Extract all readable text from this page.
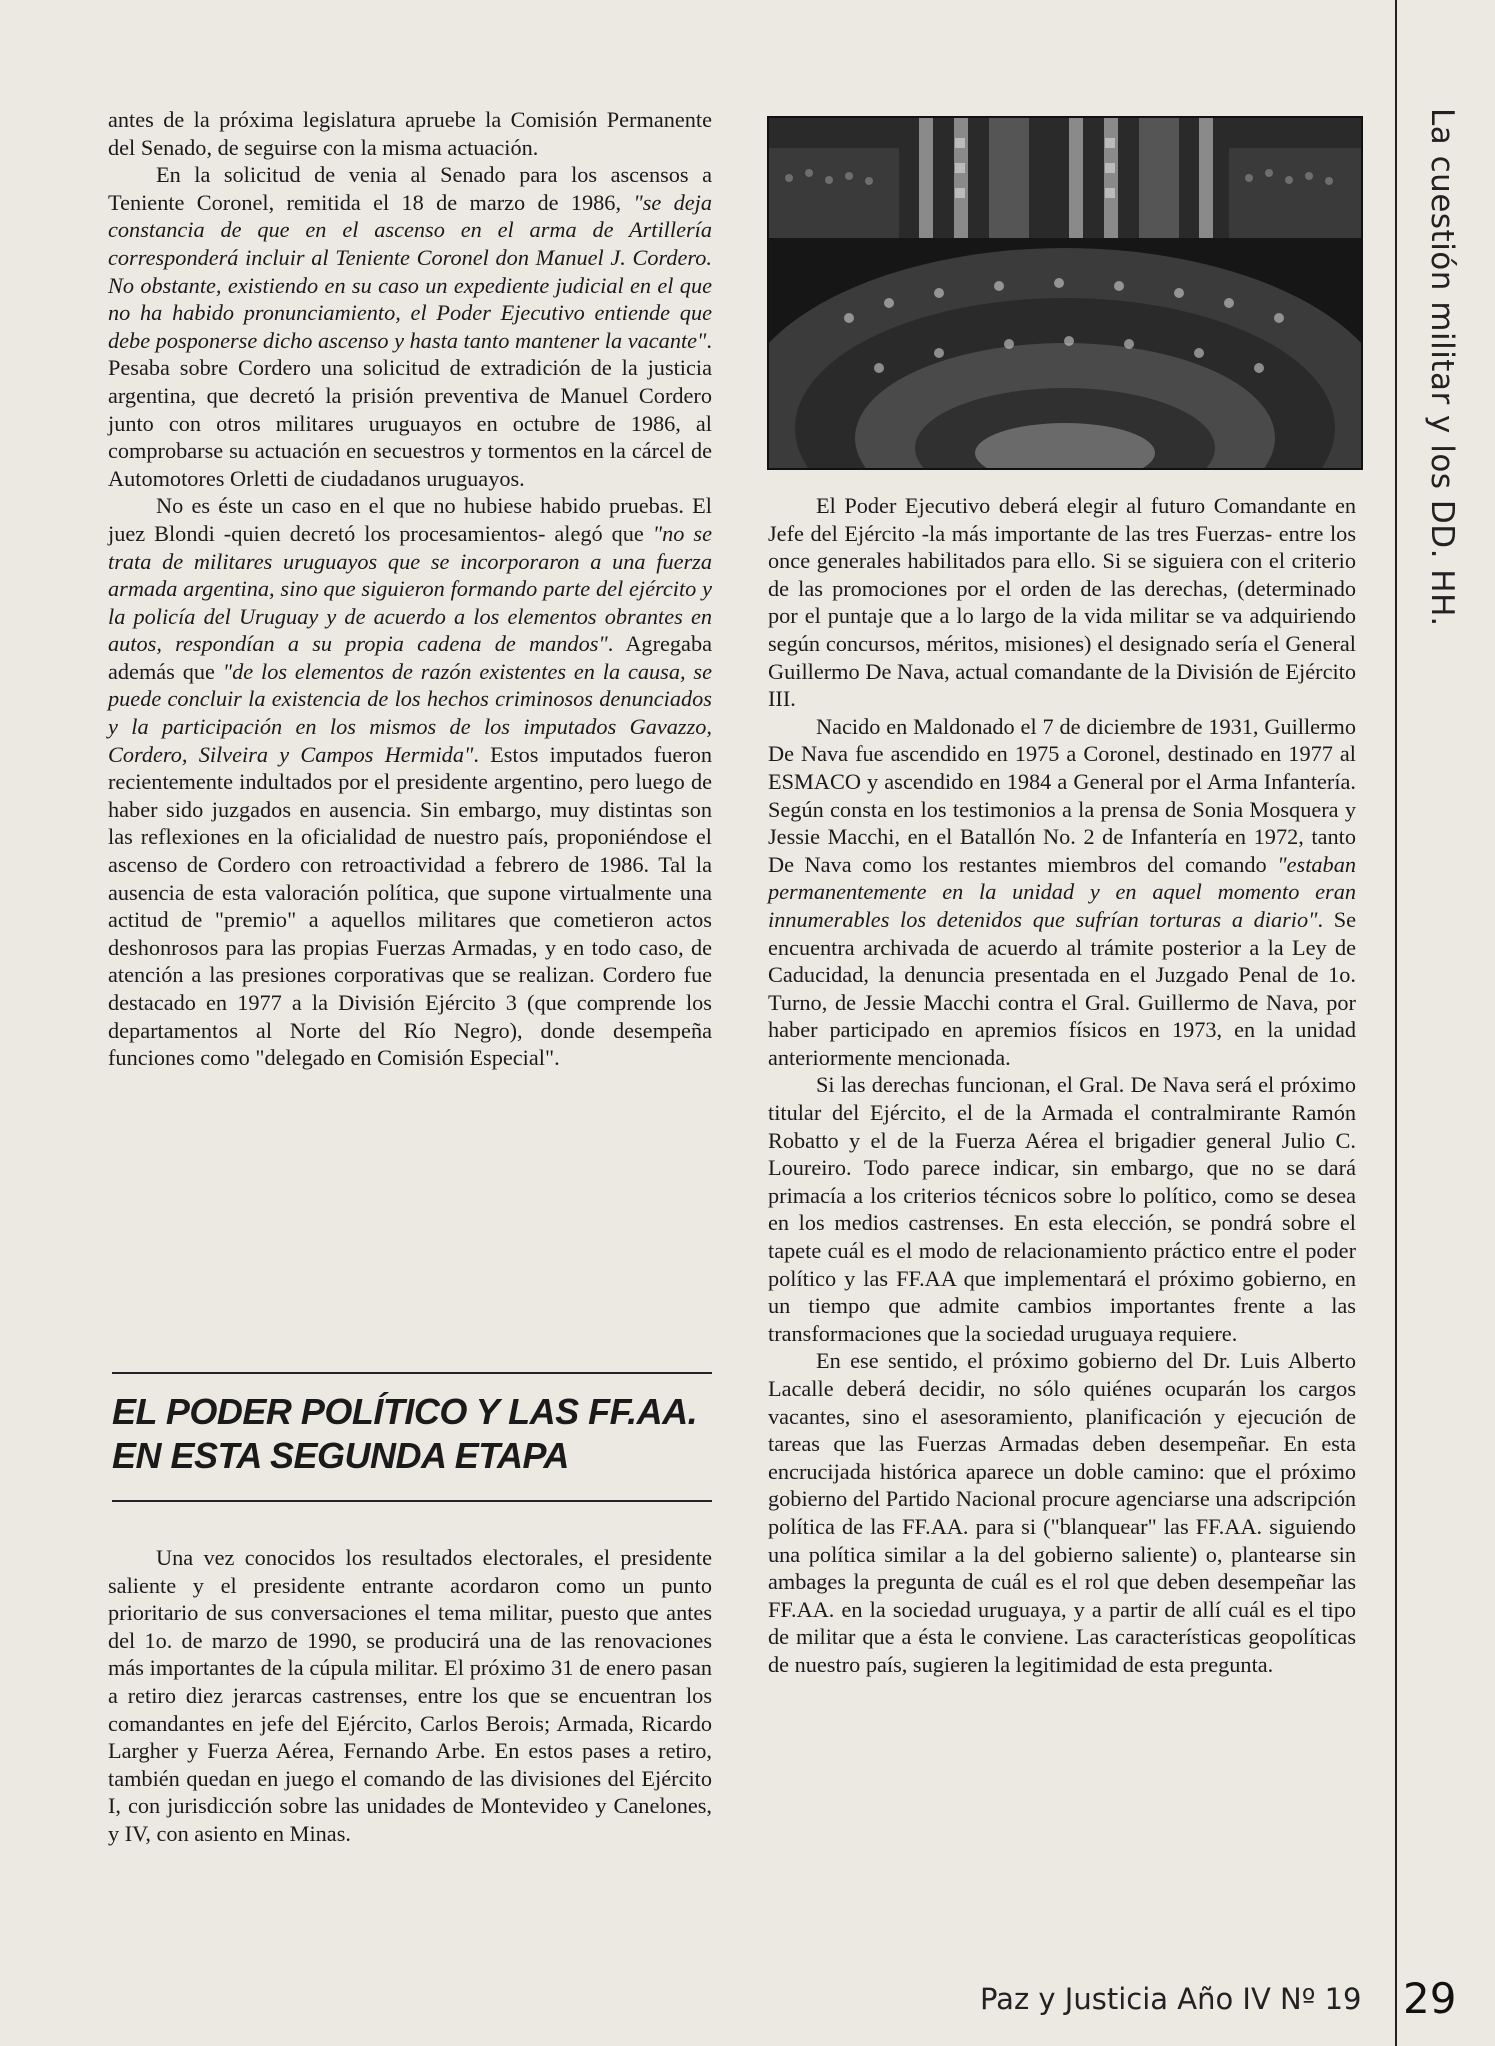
antes de la próxima legislatura apruebe la Comisión Permanente del Senado, de seguirse con la misma actuación.

En la solicitud de venia al Senado para los ascensos a Teniente Coronel, remitida el 18 de marzo de 1986, "se deja constancia de que en el ascenso en el arma de Artillería corresponderá incluir al Teniente Coronel don Manuel J. Cordero. No obstante, existiendo en su caso un expediente judicial en el que no ha habido pronunciamiento, el Poder Ejecutivo entiende que debe posponerse dicho ascenso y hasta tanto mantener la vacante". Pesaba sobre Cordero una solicitud de extradición de la justicia argentina, que decretó la prisión preventiva de Manuel Cordero junto con otros militares uruguayos en octubre de 1986, al comprobarse su actuación en secuestros y tormentos en la cárcel de Automotores Orletti de ciudadanos uruguayos.

No es éste un caso en el que no hubiese habido pruebas. El juez Blondi -quien decretó los procesamientos- alegó que "no se trata de militares uruguayos que se incorporaron a una fuerza armada argentina, sino que siguieron formando parte del ejército y la policía del Uruguay y de acuerdo a los elementos obrantes en autos, respondían a su propia cadena de mandos". Agregaba además que "de los elementos de razón existentes en la causa, se puede concluir la existencia de los hechos criminosos denunciados y la participación en los mismos de los imputados Gavazzo, Cordero, Silveira y Campos Hermida". Estos imputados fueron recientemente indultados por el presidente argentino, pero luego de haber sido juzgados en ausencia. Sin embargo, muy distintas son las reflexiones en la oficialidad de nuestro país, proponiéndose el ascenso de Cordero con retroactividad a febrero de 1986. Tal la ausencia de esta valoración política, que supone virtualmente una actitud de "premio" a aquellos militares que cometieron actos deshonrosos para las propias Fuerzas Armadas, y en todo caso, de atención a las presiones corporativas que se realizan. Cordero fue destacado en 1977 a la División Ejército 3 (que comprende los departamentos al Norte del Río Negro), donde desempeña funciones como "delegado en Comisión Especial".

El Poder Ejecutivo deberá elegir al futuro Comandante en Jefe del Ejército -la más importante de las tres Fuerzas- entre los once generales habilitados para ello. Si se siguiera con el criterio de las promociones por el orden de las derechas, (determinado por el puntaje que a lo largo de la vida militar se va adquiriendo según concursos, méritos, misiones) el designado sería el General Guillermo De Nava, actual comandante de la División de Ejército III.

Nacido en Maldonado el 7 de diciembre de 1931, Guillermo De Nava fue ascendido en 1975 a Coronel, destinado en 1977 al ESMACO y ascendido en 1984 a General por el Arma Infantería. Según consta en los testimonios a la prensa de Sonia Mosquera y Jessie Macchi, en el Batallón No. 2 de Infantería en 1972, tanto De Nava como los restantes miembros del comando "estaban permanentemente en la unidad y en aquel momento eran innumerables los detenidos que sufrían torturas a diario". Se encuentra archivada de acuerdo al trámite posterior a la Ley de Caducidad, la denuncia presentada en el Juzgado Penal de 1o. Turno, de Jessie Macchi contra el Gral. Guillermo de Nava, por haber participado en apremios físicos en 1973, en la unidad anteriormente mencionada.

Si las derechas funcionan, el Gral. De Nava será el próximo titular del Ejército, el de la Armada el contralmirante Ramón Robatto y el de la Fuerza Aérea el brigadier general Julio C. Loureiro. Todo parece indicar, sin embargo, que no se dará primacía a los criterios técnicos sobre lo político, como se desea en los medios castrenses. En esta elección, se pondrá sobre el tapete cuál es el modo de relacionamiento práctico entre el poder político y las FF.AA que implementará el próximo gobierno, en un tiempo que admite cambios importantes frente a las transformaciones que la sociedad uruguaya requiere.

En ese sentido, el próximo gobierno del Dr. Luis Alberto Lacalle deberá decidir, no sólo quiénes ocuparán los cargos vacantes, sino el asesoramiento, planificación y ejecución de tareas que las Fuerzas Armadas deben desempeñar. En esta encrucijada histórica aparece un doble camino: que el próximo gobierno del Partido Nacional procure agenciarse una adscripción política de las FF.AA. para si ("blanquear" las FF.AA. siguiendo una política similar a la del gobierno saliente) o, plantearse sin ambages la pregunta de cuál es el rol que deben desempeñar las FF.AA. en la sociedad uruguaya, y a partir de allí cuál es el tipo de militar que a ésta le conviene. Las características geopolíticas de nuestro país, sugieren la legitimidad de esta pregunta.

EL PODER POLÍTICO Y LAS FF.AA.
EN ESTA SEGUNDA ETAPA

Una vez conocidos los resultados electorales, el presidente saliente y el presidente entrante acordaron como un punto prioritario de sus conversaciones el tema militar, puesto que antes del 1o. de marzo de 1990, se producirá una de las renovaciones más importantes de la cúpula militar. El próximo 31 de enero pasan a retiro diez jerarcas castrenses, entre los que se encuentran los comandantes en jefe del Ejército, Carlos Berois; Armada, Ricardo Largher y Fuerza Aérea, Fernando Arbe. En estos pases a retiro, también quedan en juego el comando de las divisiones del Ejército I, con jurisdicción sobre las unidades de Montevideo y Canelones, y IV, con asiento en Minas.

La cuestión militar y los DD. HH.
Paz y Justicia Año IV Nº 19 29
